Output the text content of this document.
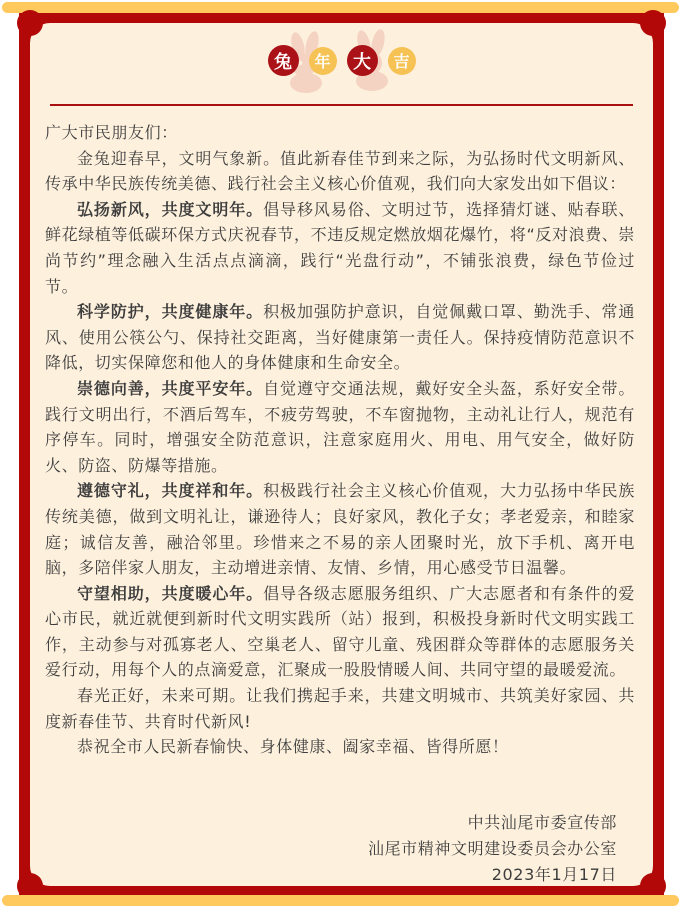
兔	年	大	吉

广大市民朋友们：

金兔迎春早，文明气象新。值此新春佳节到来之际，为弘扬时代文明新风、传承中华民族传统美德、践行社会主义核心价值观，我们向大家发出如下倡议：

弘扬新风，共度文明年。倡导移风易俗、文明过节，选择猜灯谜、贴春联、鲜花绿植等低碳环保方式庆祝春节，不违反规定燃放烟花爆竹，将“反对浪费、崇尚节约”理念融入生活点点滴滴，践行“光盘行动”，不铺张浪费，绿色节俭过节。

科学防护，共度健康年。积极加强防护意识，自觉佩戴口罩、勤洗手、常通风、使用公筷公勺、保持社交距离，当好健康第一责任人。保持疫情防范意识不降低，切实保障您和他人的身体健康和生命安全。

崇德向善，共度平安年。自觉遵守交通法规，戴好安全头盔，系好安全带。践行文明出行，不酒后驾车，不疲劳驾驶，不车窗抛物，主动礼让行人，规范有序停车。同时，增强安全防范意识，注意家庭用火、用电、用气安全，做好防火、防盗、防爆等措施。

遵德守礼，共度祥和年。积极践行社会主义核心价值观，大力弘扬中华民族传统美德，做到文明礼让，谦逊待人；良好家风，教化子女；孝老爱亲，和睦家庭；诚信友善，融洽邻里。珍惜来之不易的亲人团聚时光，放下手机、离开电脑，多陪伴家人朋友，主动增进亲情、友情、乡情，用心感受节日温馨。

守望相助，共度暖心年。倡导各级志愿服务组织、广大志愿者和有条件的爱心市民，就近就便到新时代文明实践所（站）报到，积极投身新时代文明实践工作，主动参与对孤寡老人、空巢老人、留守儿童、残困群众等群体的志愿服务关爱行动，用每个人的点滴爱意，汇聚成一股股情暖人间、共同守望的最暖爱流。

春光正好，未来可期。让我们携起手来，共建文明城市、共筑美好家园、共度新春佳节、共育时代新风!

恭祝全市人民新春愉快、身体健康、阖家幸福、皆得所愿！

中共汕尾市委宣传部
汕尾市精神文明建设委员会办公室
2023年1月17日
